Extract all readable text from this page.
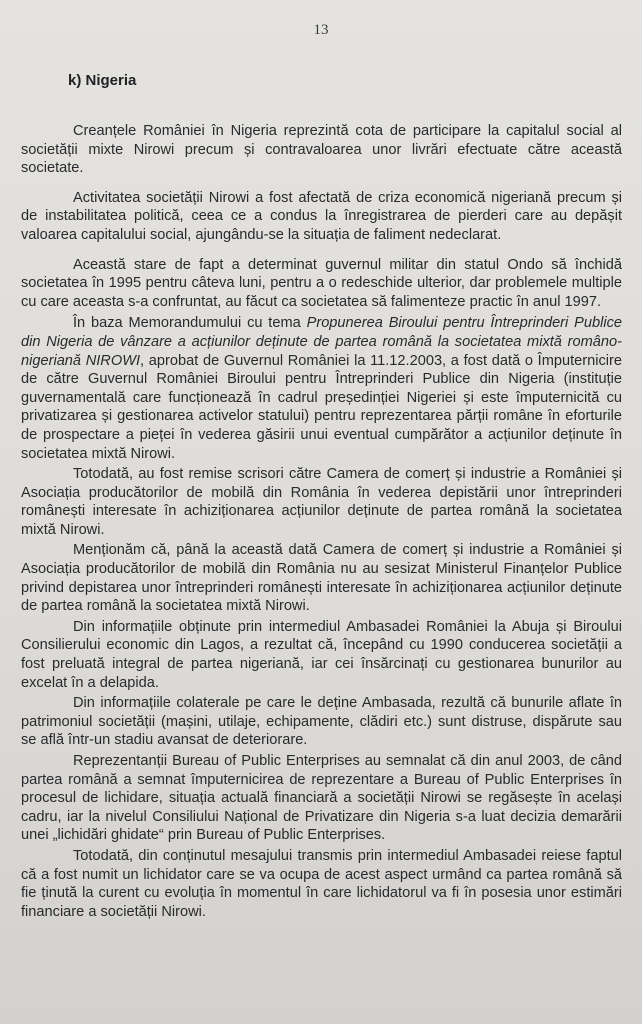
13
k) Nigeria

Creanțele României în Nigeria reprezintă cota de participare la capitalul social al societății mixte Nirowi precum și contravaloarea unor livrări efectuate către această societate.

Activitatea societății Nirowi a fost afectată de criza economică nigeriană precum și de instabilitatea politică, ceea ce a condus la înregistrarea de pierderi care au depășit valoarea capitalului social, ajungându-se la situația de faliment nedeclarat.

Această stare de fapt a determinat guvernul militar din statul Ondo să închidă societatea în 1995 pentru câteva luni, pentru a o redeschide ulterior, dar problemele multiple cu care aceasta s-a confruntat, au făcut ca societatea să falimenteze practic în anul 1997.

În baza Memorandumului cu tema Propunerea Biroului pentru Întreprinderi Publice din Nigeria de vânzare a acțiunilor deținute de partea română la societatea mixtă româno-nigeriană NIROWI, aprobat de Guvernul României la 11.12.2003, a fost dată o Împuternicire de către Guvernul României Biroului pentru Întreprinderi Publice din Nigeria (instituție guvernamentală care funcționează în cadrul președinției Nigeriei și este împuternicită cu privatizarea și gestionarea activelor statului) pentru reprezentarea părții române în eforturile de prospectare a pieței în vederea găsirii unui eventual cumpărător a acțiunilor deținute în societatea mixtă Nirowi.

Totodată, au fost remise scrisori către Camera de comerț și industrie a României și Asociația producătorilor de mobilă din România în vederea depistării unor întreprinderi românești interesate în achiziționarea acțiunilor deținute de partea română la societatea mixtă Nirowi.

Menționăm că, până la această dată Camera de comerț și industrie a României și Asociația producătorilor de mobilă din România nu au sesizat Ministerul Finanțelor Publice privind depistarea unor întreprinderi românești interesate în achiziționarea acțiunilor deținute de partea română la societatea mixtă Nirowi.

Din informațiile obținute prin intermediul Ambasadei României la Abuja și Biroului Consilierului economic din Lagos, a rezultat că, începând cu 1990 conducerea societății a fost preluată integral de partea nigeriană, iar cei însărcinați cu gestionarea bunurilor au excelat în a delapida.

Din informațiile colaterale pe care le deține Ambasada, rezultă că bunurile aflate în patrimoniul societății (mașini, utilaje, echipamente, clădiri etc.) sunt distruse, dispărute sau se află într-un stadiu avansat de deteriorare.

Reprezentanții Bureau of Public Enterprises au semnalat că din anul 2003, de când partea română a semnat împuternicirea de reprezentare a Bureau of Public Enterprises în procesul de lichidare, situația actuală financiară a societății Nirowi se regăsește în același cadru, iar la nivelul Consiliului Național de Privatizare din Nigeria s-a luat decizia demarării unei „lichidări ghidate“ prin Bureau of Public Enterprises.

Totodată, din conținutul mesajului transmis prin intermediul Ambasadei reiese faptul că a fost numit un lichidator care se va ocupa de acest aspect urmând ca partea română să fie ținută la curent cu evoluția în momentul în care lichidatorul va fi în posesia unor estimări financiare a societății Nirowi.
